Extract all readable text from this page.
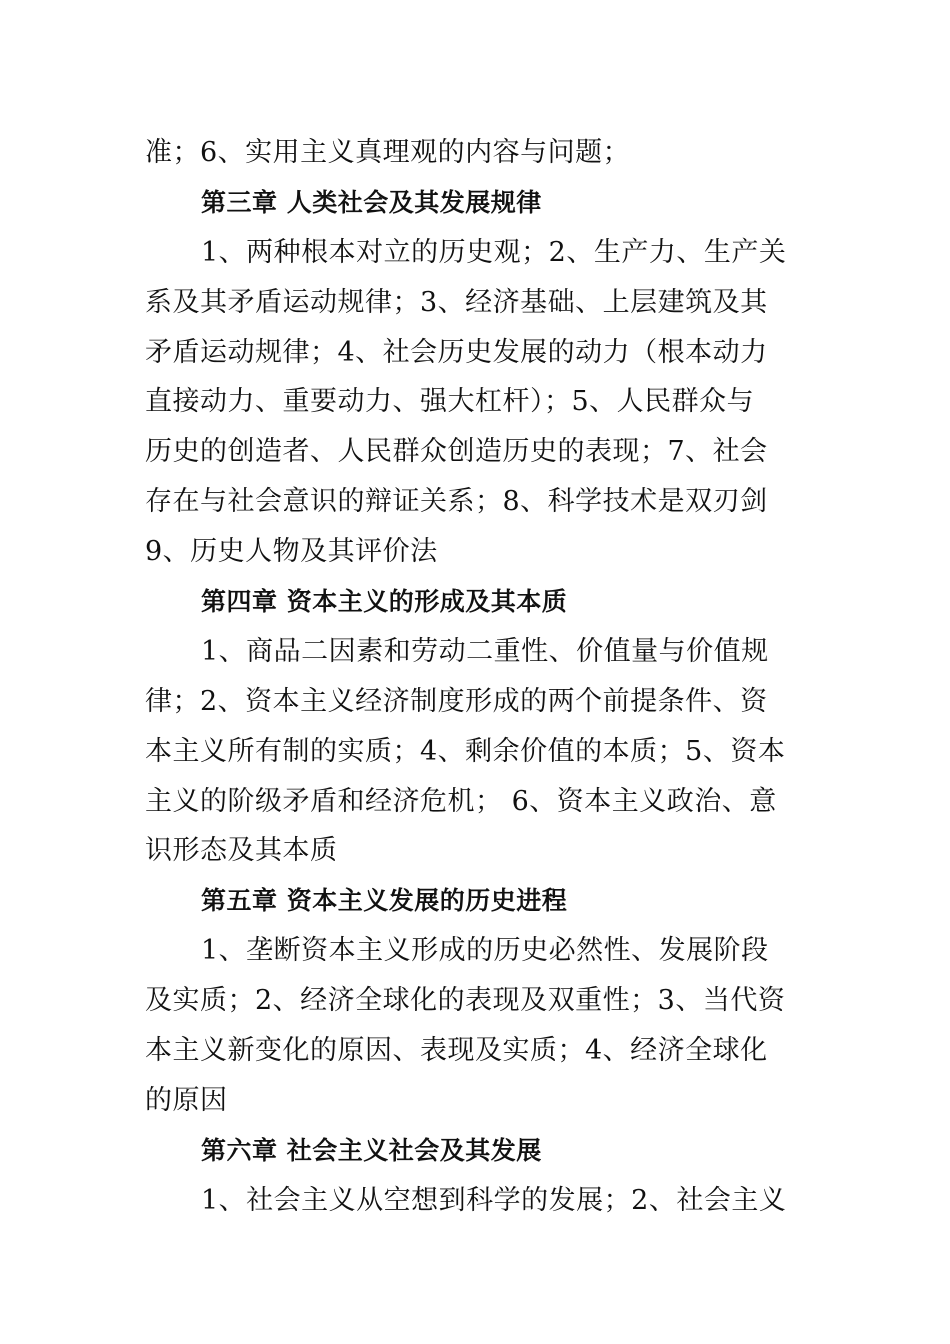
准；6、实用主义真理观的内容与问题；
第三章 人类社会及其发展规律
1、两种根本对立的历史观；2、生产力、生产关
系及其矛盾运动规律；3、经济基础、上层建筑及其
矛盾运动规律；4、社会历史发展的动力（根本动力
直接动力、重要动力、强大杠杆）；5、人民群众与
历史的创造者、人民群众创造历史的表现；7、社会
存在与社会意识的辩证关系；8、科学技术是双刃剑
9、历史人物及其评价法
第四章 资本主义的形成及其本质
1、商品二因素和劳动二重性、价值量与价值规
律；2、资本主义经济制度形成的两个前提条件、资
本主义所有制的实质；4、剩余价值的本质；5、资本
主义的阶级矛盾和经济危机； 6、资本主义政治、意
识形态及其本质
第五章 资本主义发展的历史进程
1、垄断资本主义形成的历史必然性、发展阶段
及实质；2、经济全球化的表现及双重性；3、当代资
本主义新变化的原因、表现及实质；4、经济全球化
的原因
第六章 社会主义社会及其发展
1、社会主义从空想到科学的发展；2、社会主义
